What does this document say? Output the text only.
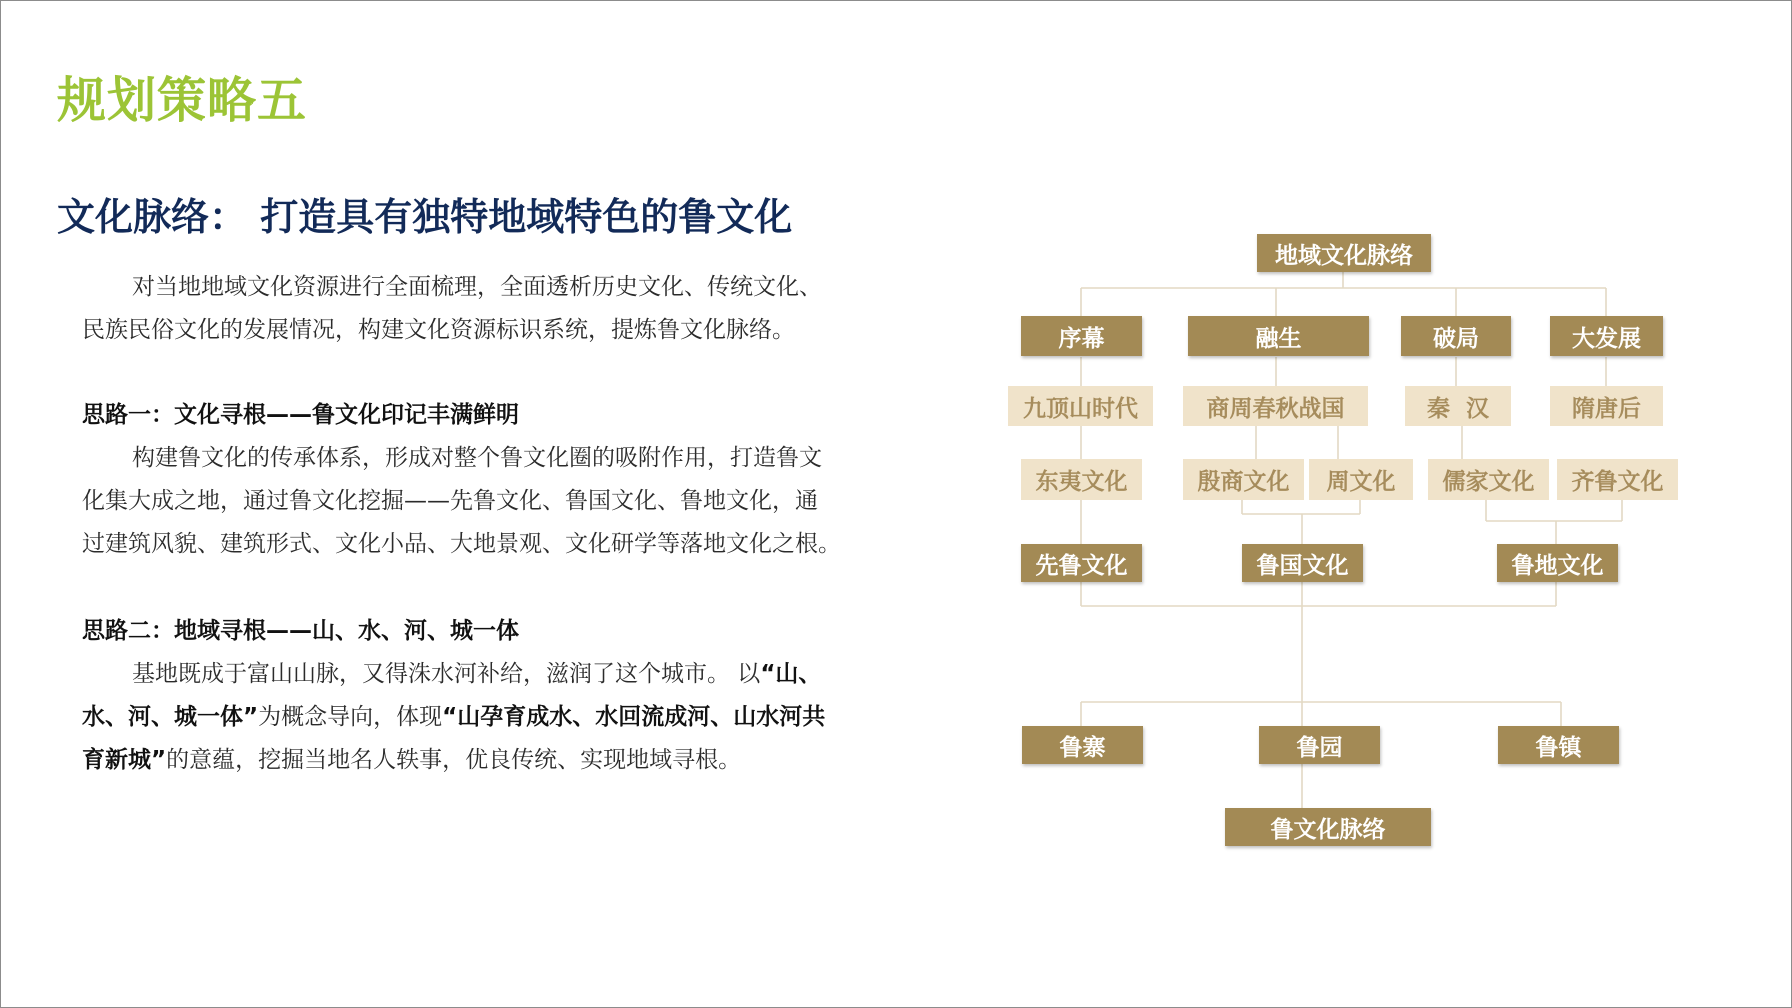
规划策略五
文化脉络： 打造具有独特地域特色的鲁文化

对当地地域文化资源进行全面梳理，全面透析历史文化、传统文化、

民族民俗文化的发展情况，构建文化资源标识系统，提炼鲁文化脉络。

思路一：文化寻根——鲁文化印记丰满鲜明

构建鲁文化的传承体系，形成对整个鲁文化圈的吸附作用，打造鲁文

化集大成之地，通过鲁文化挖掘——先鲁文化、鲁国文化、鲁地文化，通

过建筑风貌、建筑形式、文化小品、大地景观、文化研学等落地文化之根。

思路二：地域寻根——山、水、河、城一体

基地既成于富山山脉，又得洙水河补给，滋润了这个城市。 以“山、

水、河、城一体”为概念导向，体现“山孕育成水、水回流成河、山水河共

育新城”的意蕴，挖掘当地名人轶事，优良传统、实现地域寻根。

地域文化脉络
序幕	融生	破局	大发展
九顶山时代	商周春秋战国	秦  汉	隋唐后
东夷文化	殷商文化	周文化	儒家文化	齐鲁文化
先鲁文化	鲁国文化	鲁地文化
鲁寨	鲁园	鲁镇
鲁文化脉络
